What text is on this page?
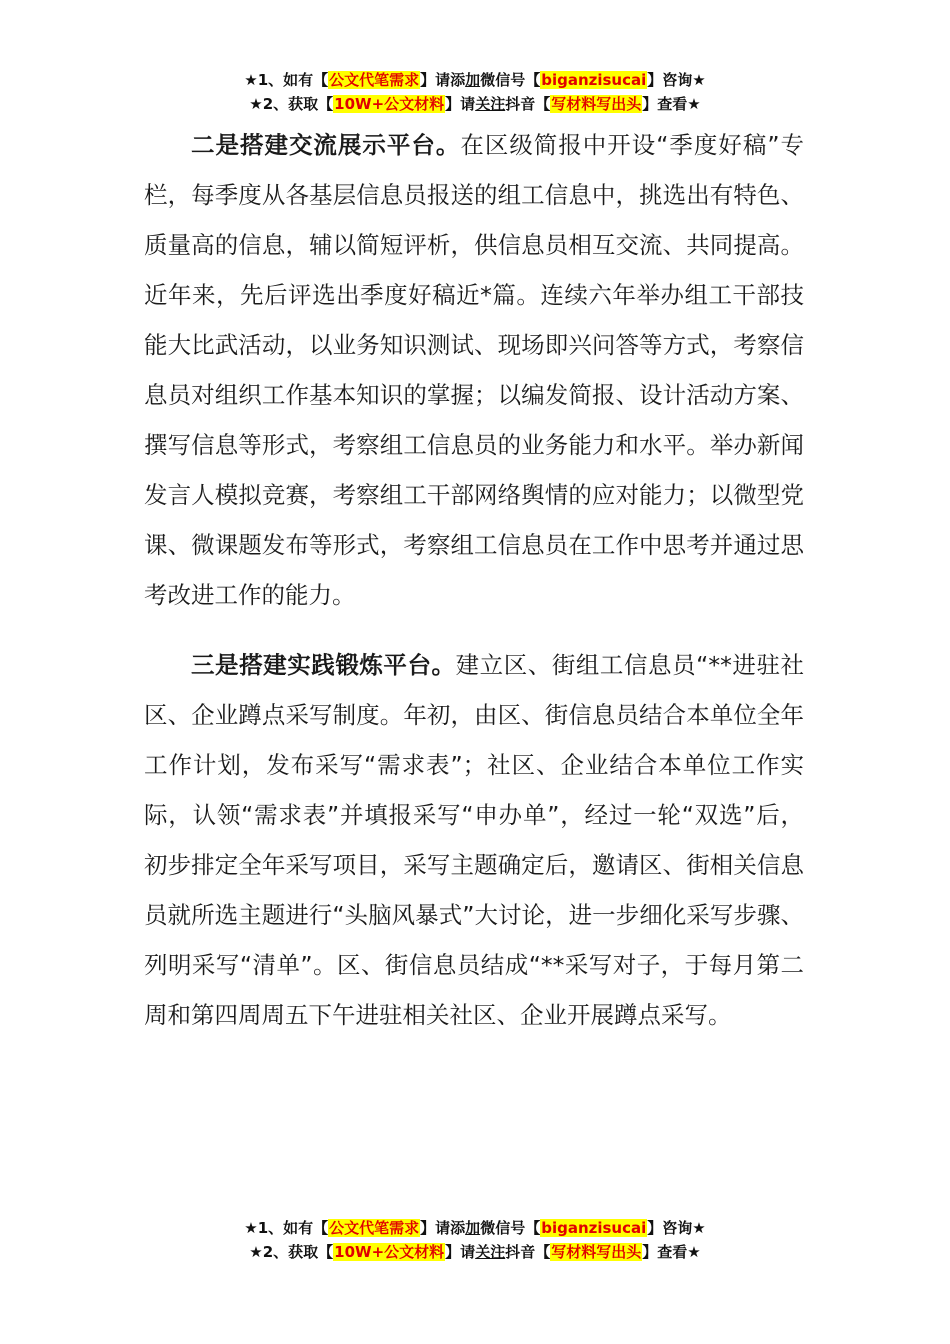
★1、如有【公文代笔需求】请添加微信号【biganzisucai】咨询★
★2、获取【10W+公文材料】请关注抖音【写材料写出头】查看★

二是搭建交流展示平台。在区级简报中开设“季度好稿”专栏，每季度从各基层信息员报送的组工信息中，挑选出有特色、质量高的信息，辅以简短评析，供信息员相互交流、共同提高。近年来，先后评选出季度好稿近*篇。连续六年举办组工干部技能大比武活动，以业务知识测试、现场即兴问答等方式，考察信息员对组织工作基本知识的掌握；以编发简报、设计活动方案、撰写信息等形式，考察组工信息员的业务能力和水平。举办新闻发言人模拟竞赛，考察组工干部网络舆情的应对能力；以微型党课、微课题发布等形式，考察组工信息员在工作中思考并通过思考改进工作的能力。

三是搭建实践锻炼平台。建立区、街组工信息员“**进驻社区、企业蹲点采写制度。年初，由区、街信息员结合本单位全年工作计划，发布采写“需求表”；社区、企业结合本单位工作实际，认领“需求表”并填报采写“申办单”，经过一轮“双选”后，初步排定全年采写项目，采写主题确定后，邀请区、街相关信息员就所选主题进行“头脑风暴式”大讨论，进一步细化采写步骤、列明采写“清单”。区、街信息员结成“**采写对子，于每月第二周和第四周周五下午进驻相关社区、企业开展蹲点采写。

★1、如有【公文代笔需求】请添加微信号【biganzisucai】咨询★
★2、获取【10W+公文材料】请关注抖音【写材料写出头】查看★
